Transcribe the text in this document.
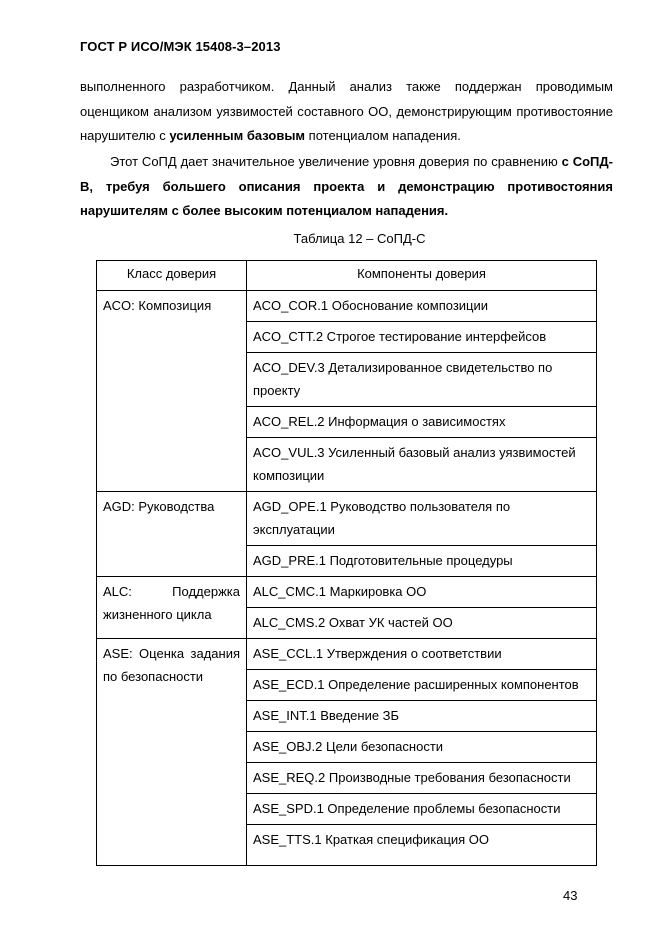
ГОСТ Р ИСО/МЭК 15408-3–2013
выполненного разработчиком. Данный анализ также поддержан проводимым оценщиком анализом уязвимостей составного ОО, демонстрирующим противостояние нарушителю с усиленным базовым потенциалом нападения.
Этот СоПД дает значительное увеличение уровня доверия по сравнению с СоПД-В, требуя большего описания проекта и демонстрацию противостояния нарушителям с более высоким потенциалом нападения.
Таблица 12 – СоПД-С
Класс доверия	Компоненты доверия
ACO: Композиция	ACO_COR.1 Обоснование композиции
	ACO_CTT.2 Строгое тестирование интерфейсов
	ACO_DEV.3 Детализированное свидетельство по проекту
	ACO_REL.2 Информация о зависимостях
	ACO_VUL.3 Усиленный базовый анализ уязвимостей композиции
AGD: Руководства	AGD_OPE.1 Руководство пользователя по эксплуатации
	AGD_PRE.1 Подготовительные процедуры

ALC: Поддержка
жизненного цикла	ALC_CMC.1 Маркировка ОО
	ALC_CMS.2 Охват УК частей ОО

ASE: Оценка задания
по безопасности	ASE_CCL.1 Утверждения о соответствии
	ASE_ECD.1 Определение расширенных компонентов
	ASE_INT.1 Введение ЗБ
	ASE_OBJ.2 Цели безопасности
	ASE_REQ.2 Производные требования безопасности
	ASE_SPD.1 Определение проблемы безопасности
	ASE_TTS.1 Краткая спецификация ОО
43
